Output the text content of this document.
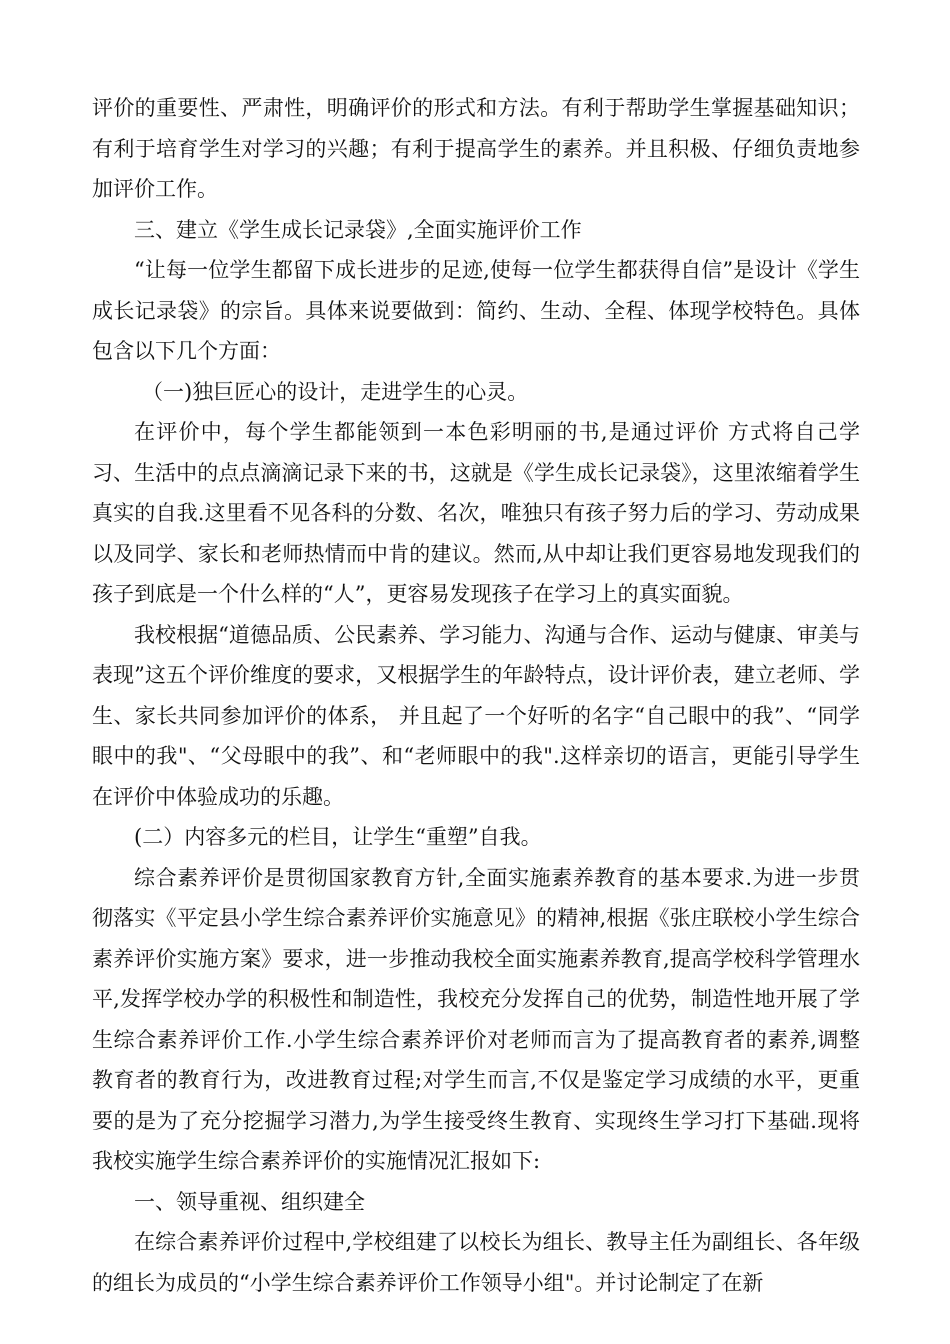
评价的重要性、严肃性，明确评价的形式和方法。有利于帮助学生掌握基础知识；有利于培育学生对学习的兴趣；有利于提高学生的素养。并且积极、仔细负责地参加评价工作。

三、建立《学生成长记录袋》,全面实施评价工作

“让每一位学生都留下成长进步的足迹,使每一位学生都获得自信”是设计《学生成长记录袋》的宗旨。具体来说要做到：简约、生动、全程、体现学校特色。具体包含以下几个方面：

（一)独巨匠心的设计，走进学生的心灵。

在评价中，每个学生都能领到一本色彩明丽的书,是通过评价 方式将自己学习、生活中的点点滴滴记录下来的书，这就是《学生成长记录袋》，这里浓缩着学生真实的自我.这里看不见各科的分数、名次，唯独只有孩子努力后的学习、劳动成果以及同学、家长和老师热情而中肯的建议。然而,从中却让我们更容易地发现我们的孩子到底是一个什么样的“人”，更容易发现孩子在学习上的真实面貌。

我校根据“道德品质、公民素养、学习能力、沟通与合作、运动与健康、审美与表现”这五个评价维度的要求，又根据学生的年龄特点，设计评价表，建立老师、学生、家长共同参加评价的体系， 并且起了一个好听的名字“自己眼中的我”、“同学眼中的我"、“父母眼中的我”、和“老师眼中的我".这样亲切的语言，更能引导学生在评价中体验成功的乐趣。

(二）内容多元的栏目，让学生“重塑”自我。

综合素养评价是贯彻国家教育方针,全面实施素养教育的基本要求.为进一步贯彻落实《平定县小学生综合素养评价实施意见》的精神,根据《张庄联校小学生综合素养评价实施方案》要求，进一步推动我校全面实施素养教育,提高学校科学管理水平,发挥学校办学的积极性和制造性，我校充分发挥自己的优势，制造性地开展了学生综合素养评价工作.小学生综合素养评价对老师而言为了提高教育者的素养,调整教育者的教育行为，改进教育过程;对学生而言,不仅是鉴定学习成绩的水平，更重要的是为了充分挖掘学习潜力,为学生接受终生教育、实现终生学习打下基础.现将我校实施学生综合素养评价的实施情况汇报如下:

一、领导重视、组织建全

在综合素养评价过程中,学校组建了以校长为组长、教导主任为副组长、各年级的组长为成员的“小学生综合素养评价工作领导小组"。并讨论制定了在新
